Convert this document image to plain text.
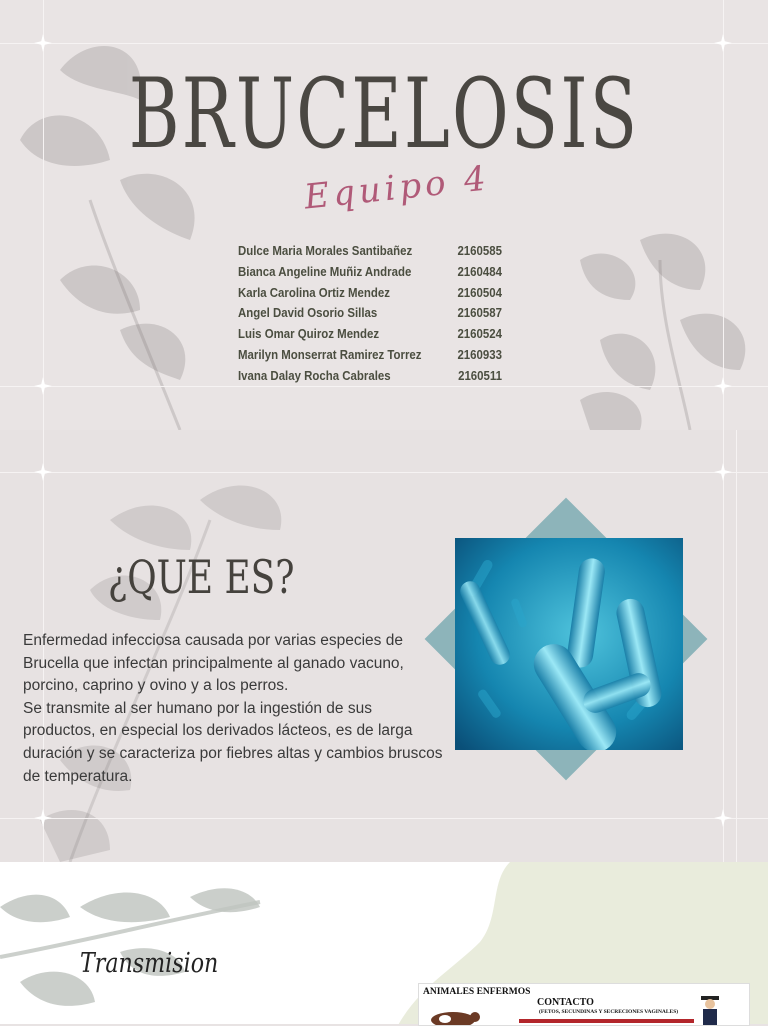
BRUCELOSIS
Equipo 4
Dulce Maria Morales Santibañez	2160585
Bianca Angeline Muñiz Andrade	2160484
Karla Carolina Ortiz Mendez	2160504
Angel David Osorio Sillas	2160587
Luis Omar Quiroz Mendez	2160524
Marilyn Monserrat Ramirez Torrez	2160933
Ivana Dalay Rocha Cabrales	2160511
¿QUE ES?

Enfermedad infecciosa causada por varias especies de Brucella que infectan principalmente al ganado vacuno, porcino, caprino y ovino y a los perros.

Se transmite al ser humano por la ingestión de sus productos, en especial los derivados lácteos, es de larga duración y se caracteriza por fiebres altas y cambios bruscos de temperatura.

Transmision
ANIMALES ENFERMOS
CONTACTO
(FETOS, SECUNDINAS Y SECRECIONES VAGINALES)
